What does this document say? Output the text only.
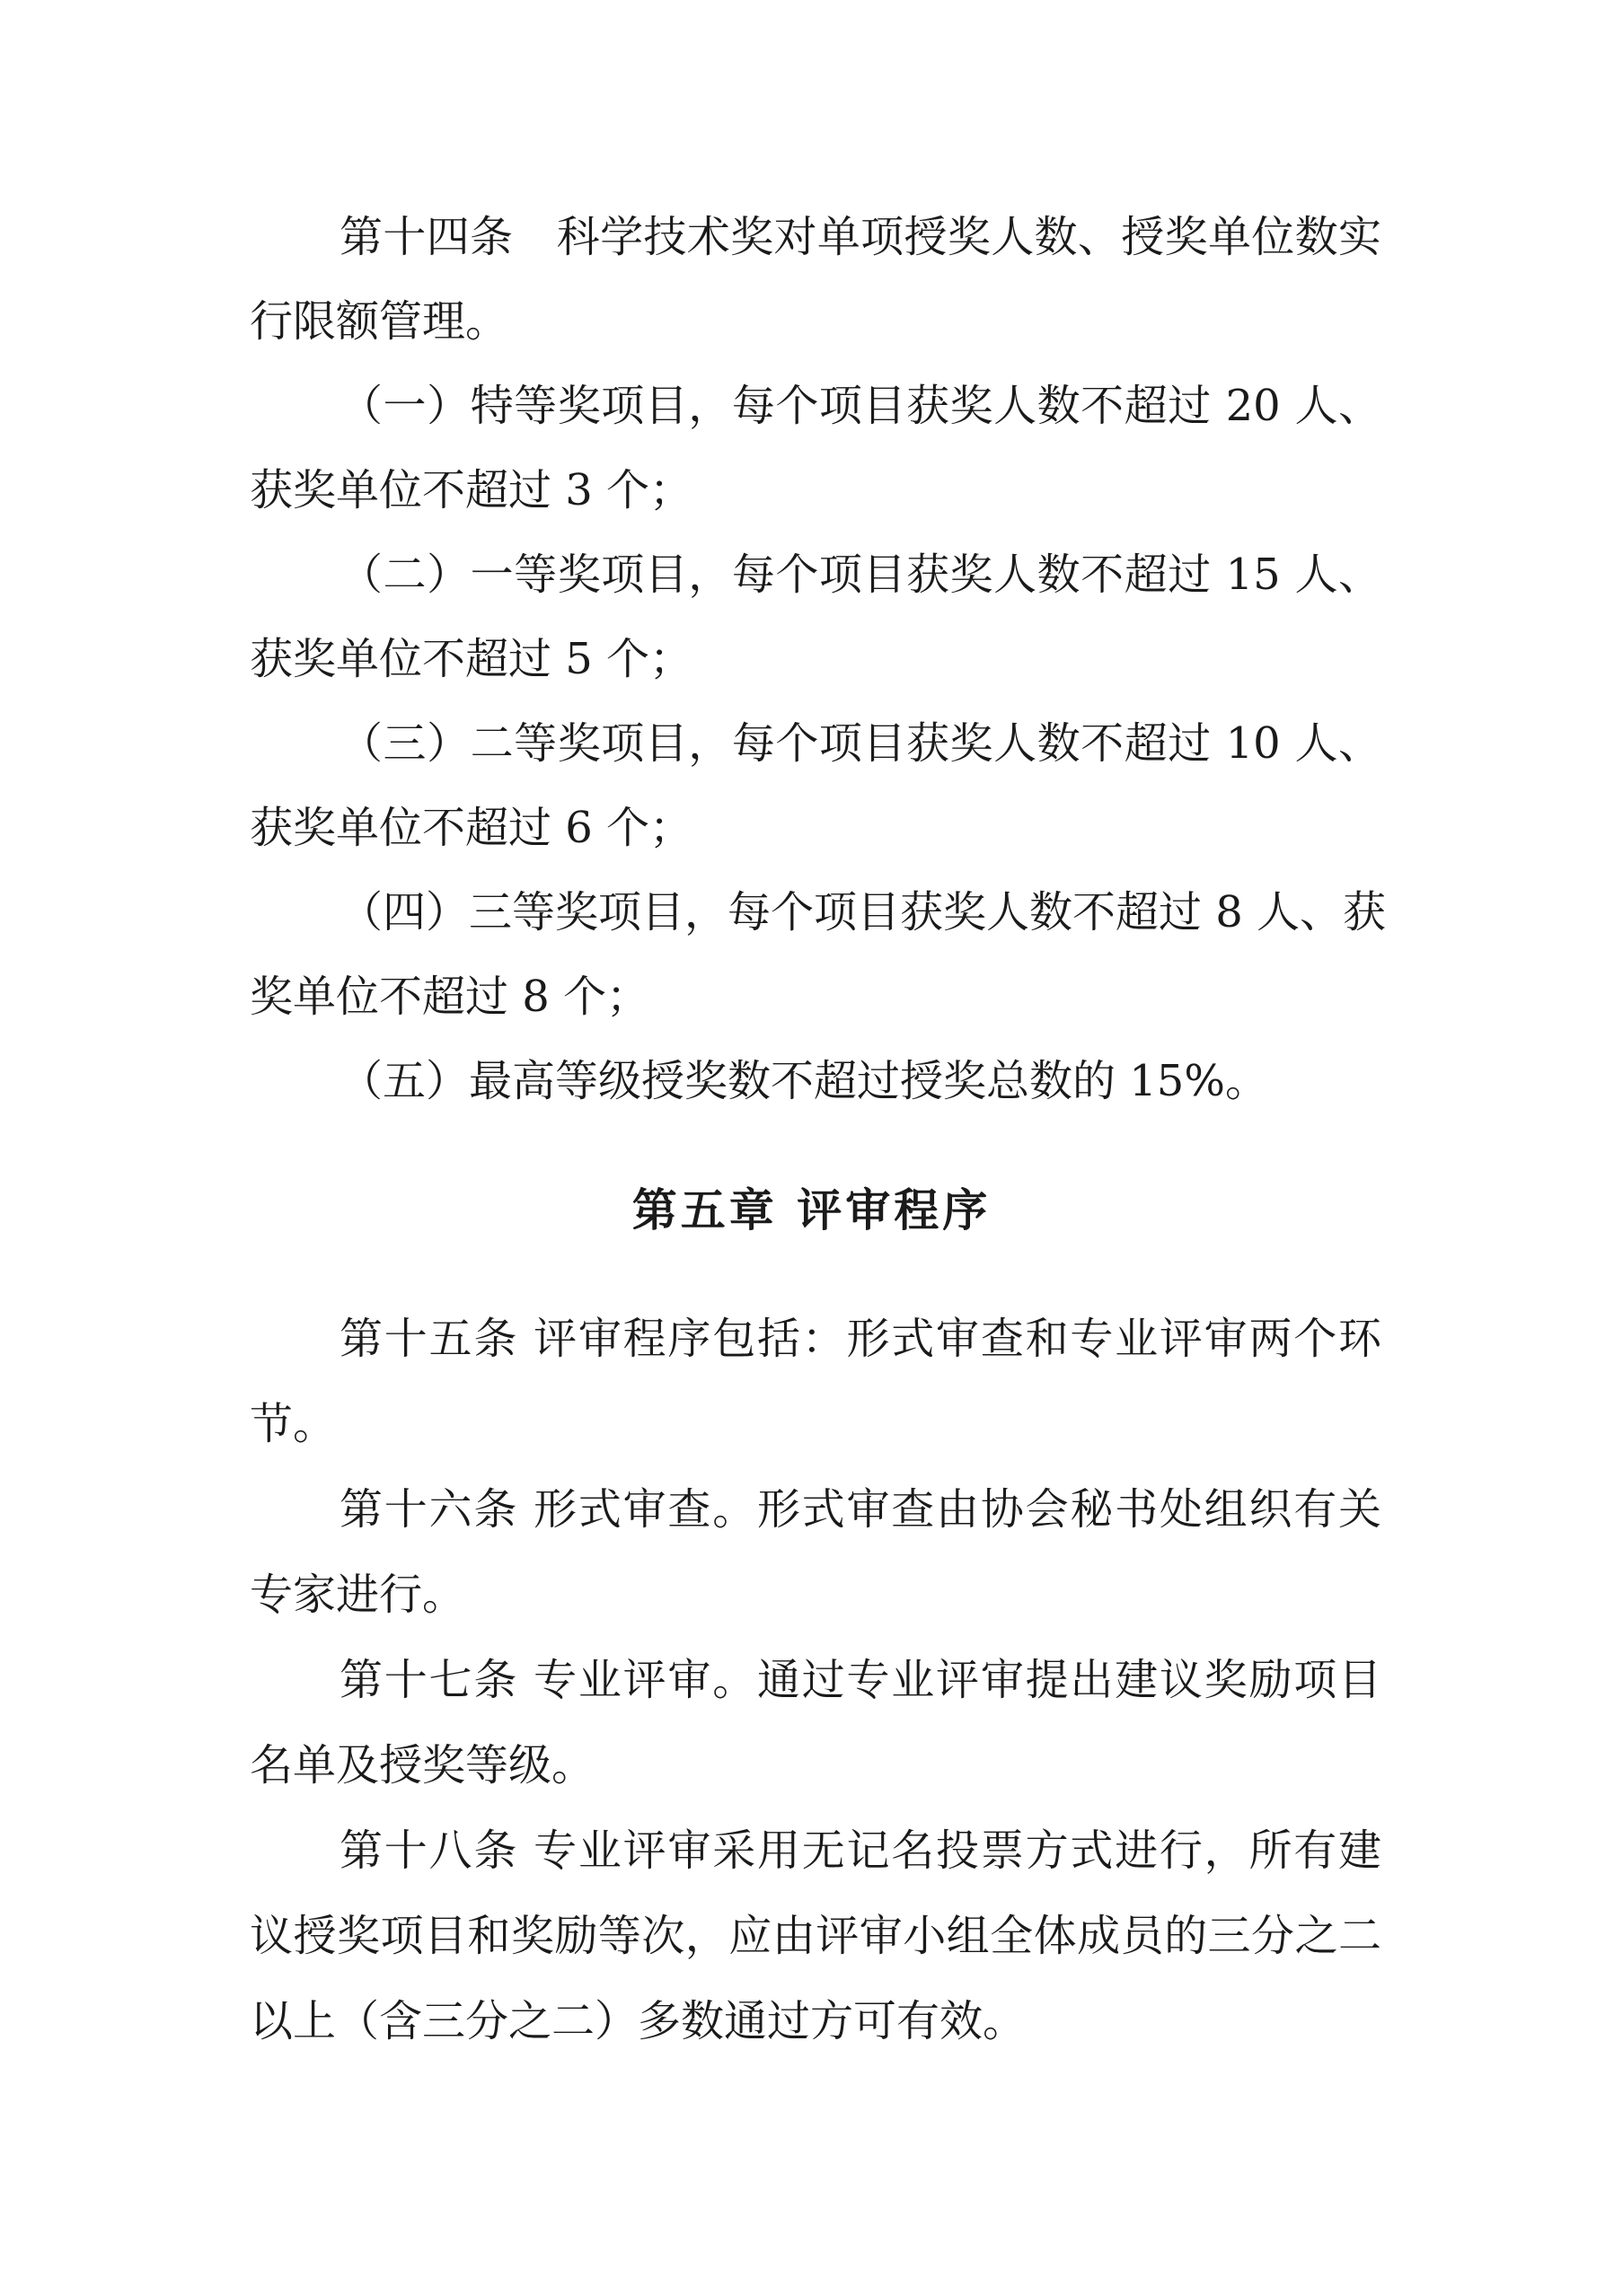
第十四条　科学技术奖对单项授奖人数、授奖单位数实
行限额管理。
（一）特等奖项目，每个项目获奖人数不超过 20 人、
获奖单位不超过 3 个；
（二）一等奖项目，每个项目获奖人数不超过 15 人、
获奖单位不超过 5 个；
（三）二等奖项目，每个项目获奖人数不超过 10 人、
获奖单位不超过 6 个；
（四）三等奖项目，每个项目获奖人数不超过 8 人、获
奖单位不超过 8 个；
（五）最高等级授奖数不超过授奖总数的 15%。
第五章 评审程序
第十五条 评审程序包括：形式审查和专业评审两个环
节。
第十六条 形式审查。形式审查由协会秘书处组织有关
专家进行。
第十七条 专业评审。通过专业评审提出建议奖励项目
名单及授奖等级。
第十八条 专业评审采用无记名投票方式进行，所有建
议授奖项目和奖励等次，应由评审小组全体成员的三分之二
以上（含三分之二）多数通过方可有效。
